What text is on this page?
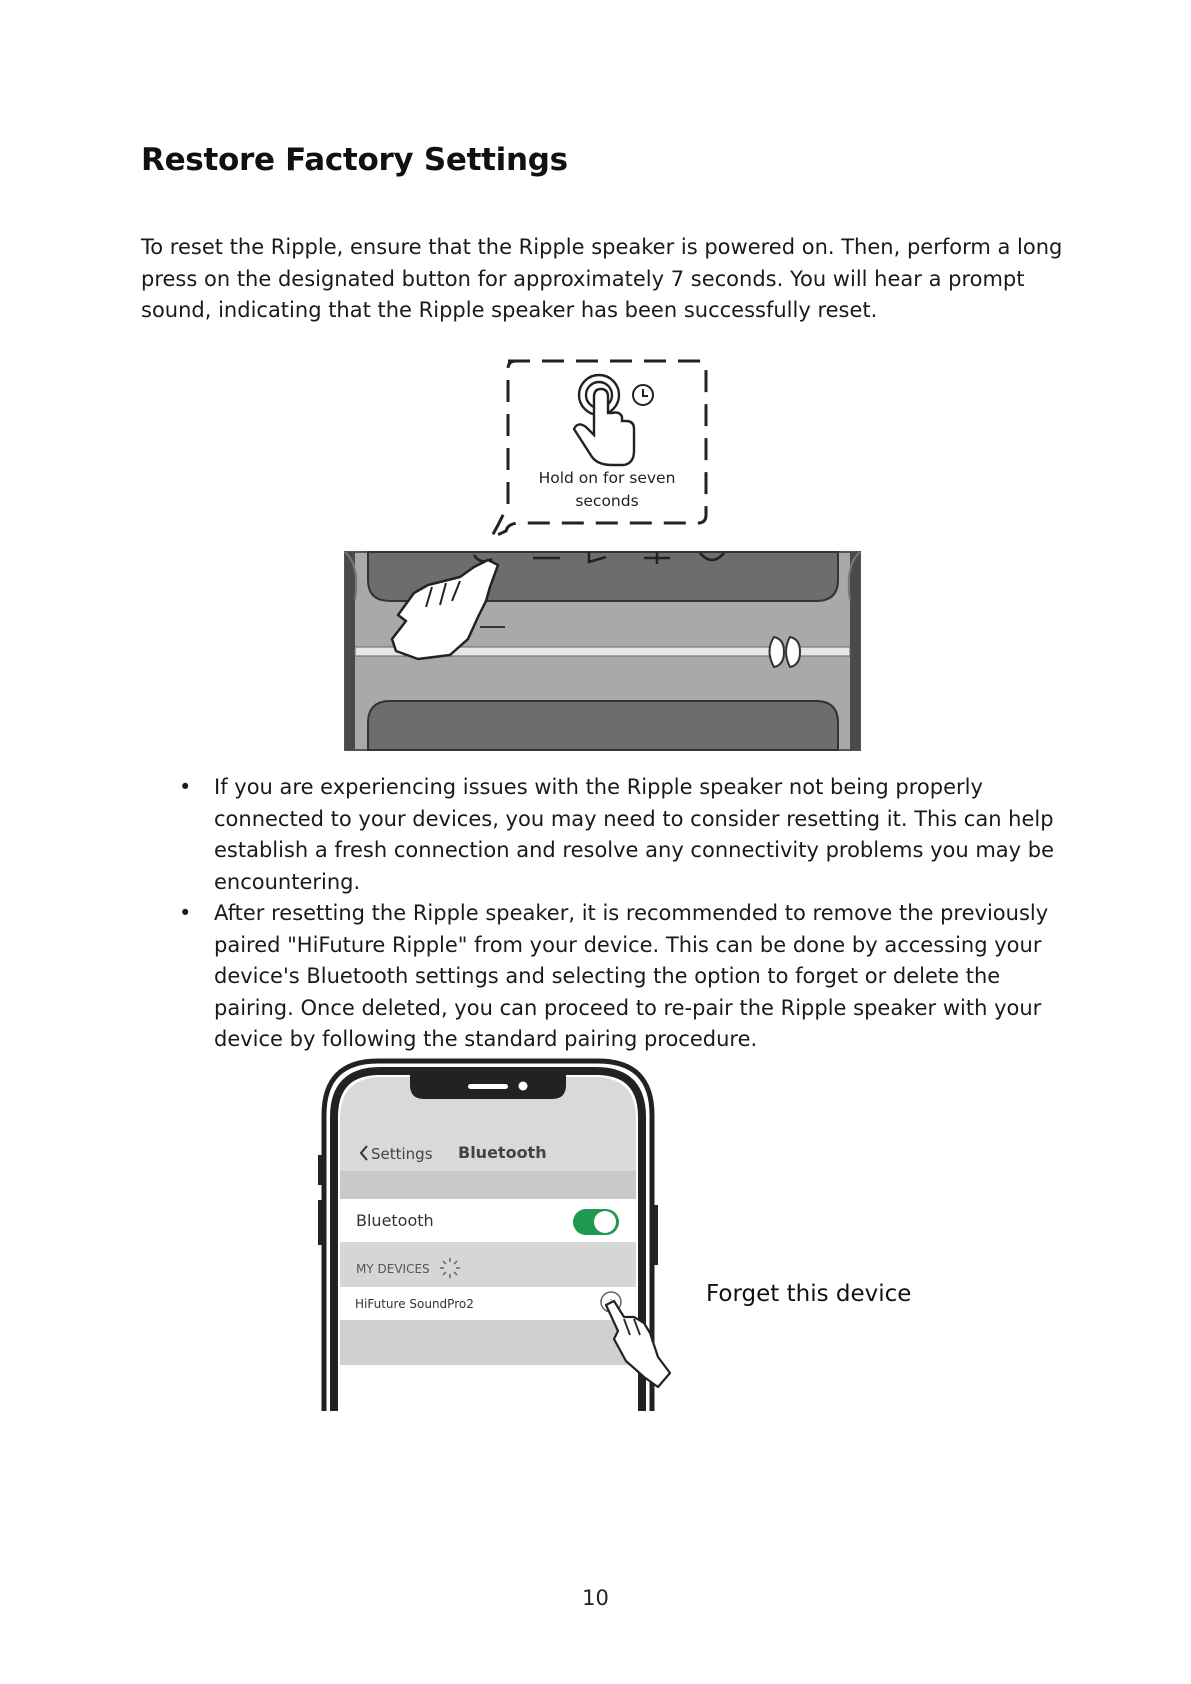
Restore Factory Settings

To reset the Ripple, ensure that the Ripple speaker is powered on. Then, perform a long press on the designated button for approximately 7 seconds. You will hear a prompt sound, indicating that the Ripple speaker has been successfully reset.

Hold on for seven
seconds
• If you are experiencing issues with the Ripple speaker not being properly connected to your devices, you may need to consider resetting it. This can help establish a fresh connection and resolve any connectivity problems you may be encountering.
• After resetting the Ripple speaker, it is recommended to remove the previously paired "HiFuture Ripple" from your device. This can be done by accessing your device's Bluetooth settings and selecting the option to forget or delete the pairing. Once deleted, you can proceed to re-pair the Ripple speaker with your device by following the standard pairing procedure.
Settings Bluetooth
Bluetooth
MY DEVICES
HiFuture SoundPro2	Forget this device
10
